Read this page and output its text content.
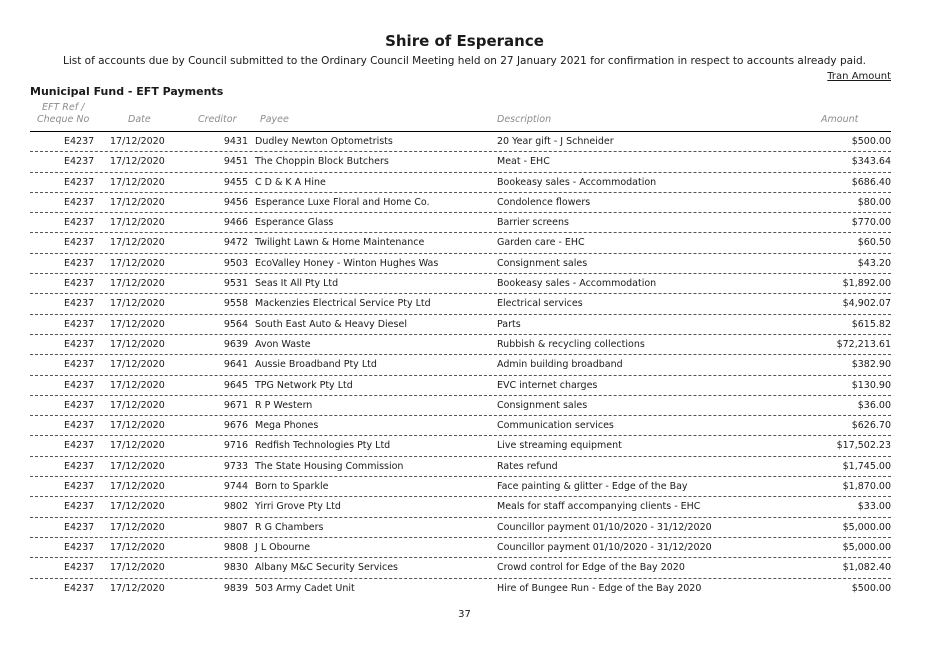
Shire of Esperance
List of accounts due by Council submitted to the Ordinary Council Meeting held on 27 January 2021 for confirmation in respect to accounts already paid.
Tran Amount
Municipal Fund - EFT Payments
EFT Ref /
Cheque No	Date	Creditor Payee	Description	Amount
E4237 17/12/2020	9431 Dudley Newton Optometrists	20 Year gift - J Schneider	$500.00
E4237 17/12/2020	9451 The Choppin Block Butchers	Meat - EHC	$343.64
E4237 17/12/2020	9455 C D & K A Hine	Bookeasy sales - Accommodation	$686.40
E4237 17/12/2020	9456 Esperance Luxe Floral and Home Co.	Condolence flowers	$80.00
E4237 17/12/2020	9466 Esperance Glass	Barrier screens	$770.00
E4237 17/12/2020	9472 Twilight Lawn & Home Maintenance	Garden care - EHC	$60.50
E4237 17/12/2020	9503 EcoValley Honey - Winton Hughes Was	Consignment sales	$43.20
E4237 17/12/2020	9531 Seas It All Pty Ltd	Bookeasy sales - Accommodation	$1,892.00
E4237 17/12/2020	9558 Mackenzies Electrical Service Pty Ltd	Electrical services	$4,902.07
E4237 17/12/2020	9564 South East Auto & Heavy Diesel	Parts	$615.82
E4237 17/12/2020	9639 Avon Waste	Rubbish & recycling collections	$72,213.61
E4237 17/12/2020	9641 Aussie Broadband Pty Ltd	Admin building broadband	$382.90
E4237 17/12/2020	9645 TPG Network Pty Ltd	EVC internet charges	$130.90
E4237 17/12/2020	9671 R P Western	Consignment sales	$36.00
E4237 17/12/2020	9676 Mega Phones	Communication services	$626.70
E4237 17/12/2020	9716 Redfish Technologies Pty Ltd	Live streaming equipment	$17,502.23
E4237 17/12/2020	9733 The State Housing Commission	Rates refund	$1,745.00
E4237 17/12/2020	9744 Born to Sparkle	Face painting & glitter - Edge of the Bay	$1,870.00
E4237 17/12/2020	9802 Yirri Grove Pty Ltd	Meals for staff accompanying clients - EHC	$33.00
E4237 17/12/2020	9807 R G Chambers	Councillor payment 01/10/2020 - 31/12/2020	$5,000.00
E4237 17/12/2020	9808 J L Obourne	Councillor payment 01/10/2020 - 31/12/2020	$5,000.00
E4237 17/12/2020	9830 Albany M&C Security Services	Crowd control for Edge of the Bay 2020	$1,082.40
E4237 17/12/2020	9839 503 Army Cadet Unit	Hire of Bungee Run - Edge of the Bay 2020	$500.00
37
